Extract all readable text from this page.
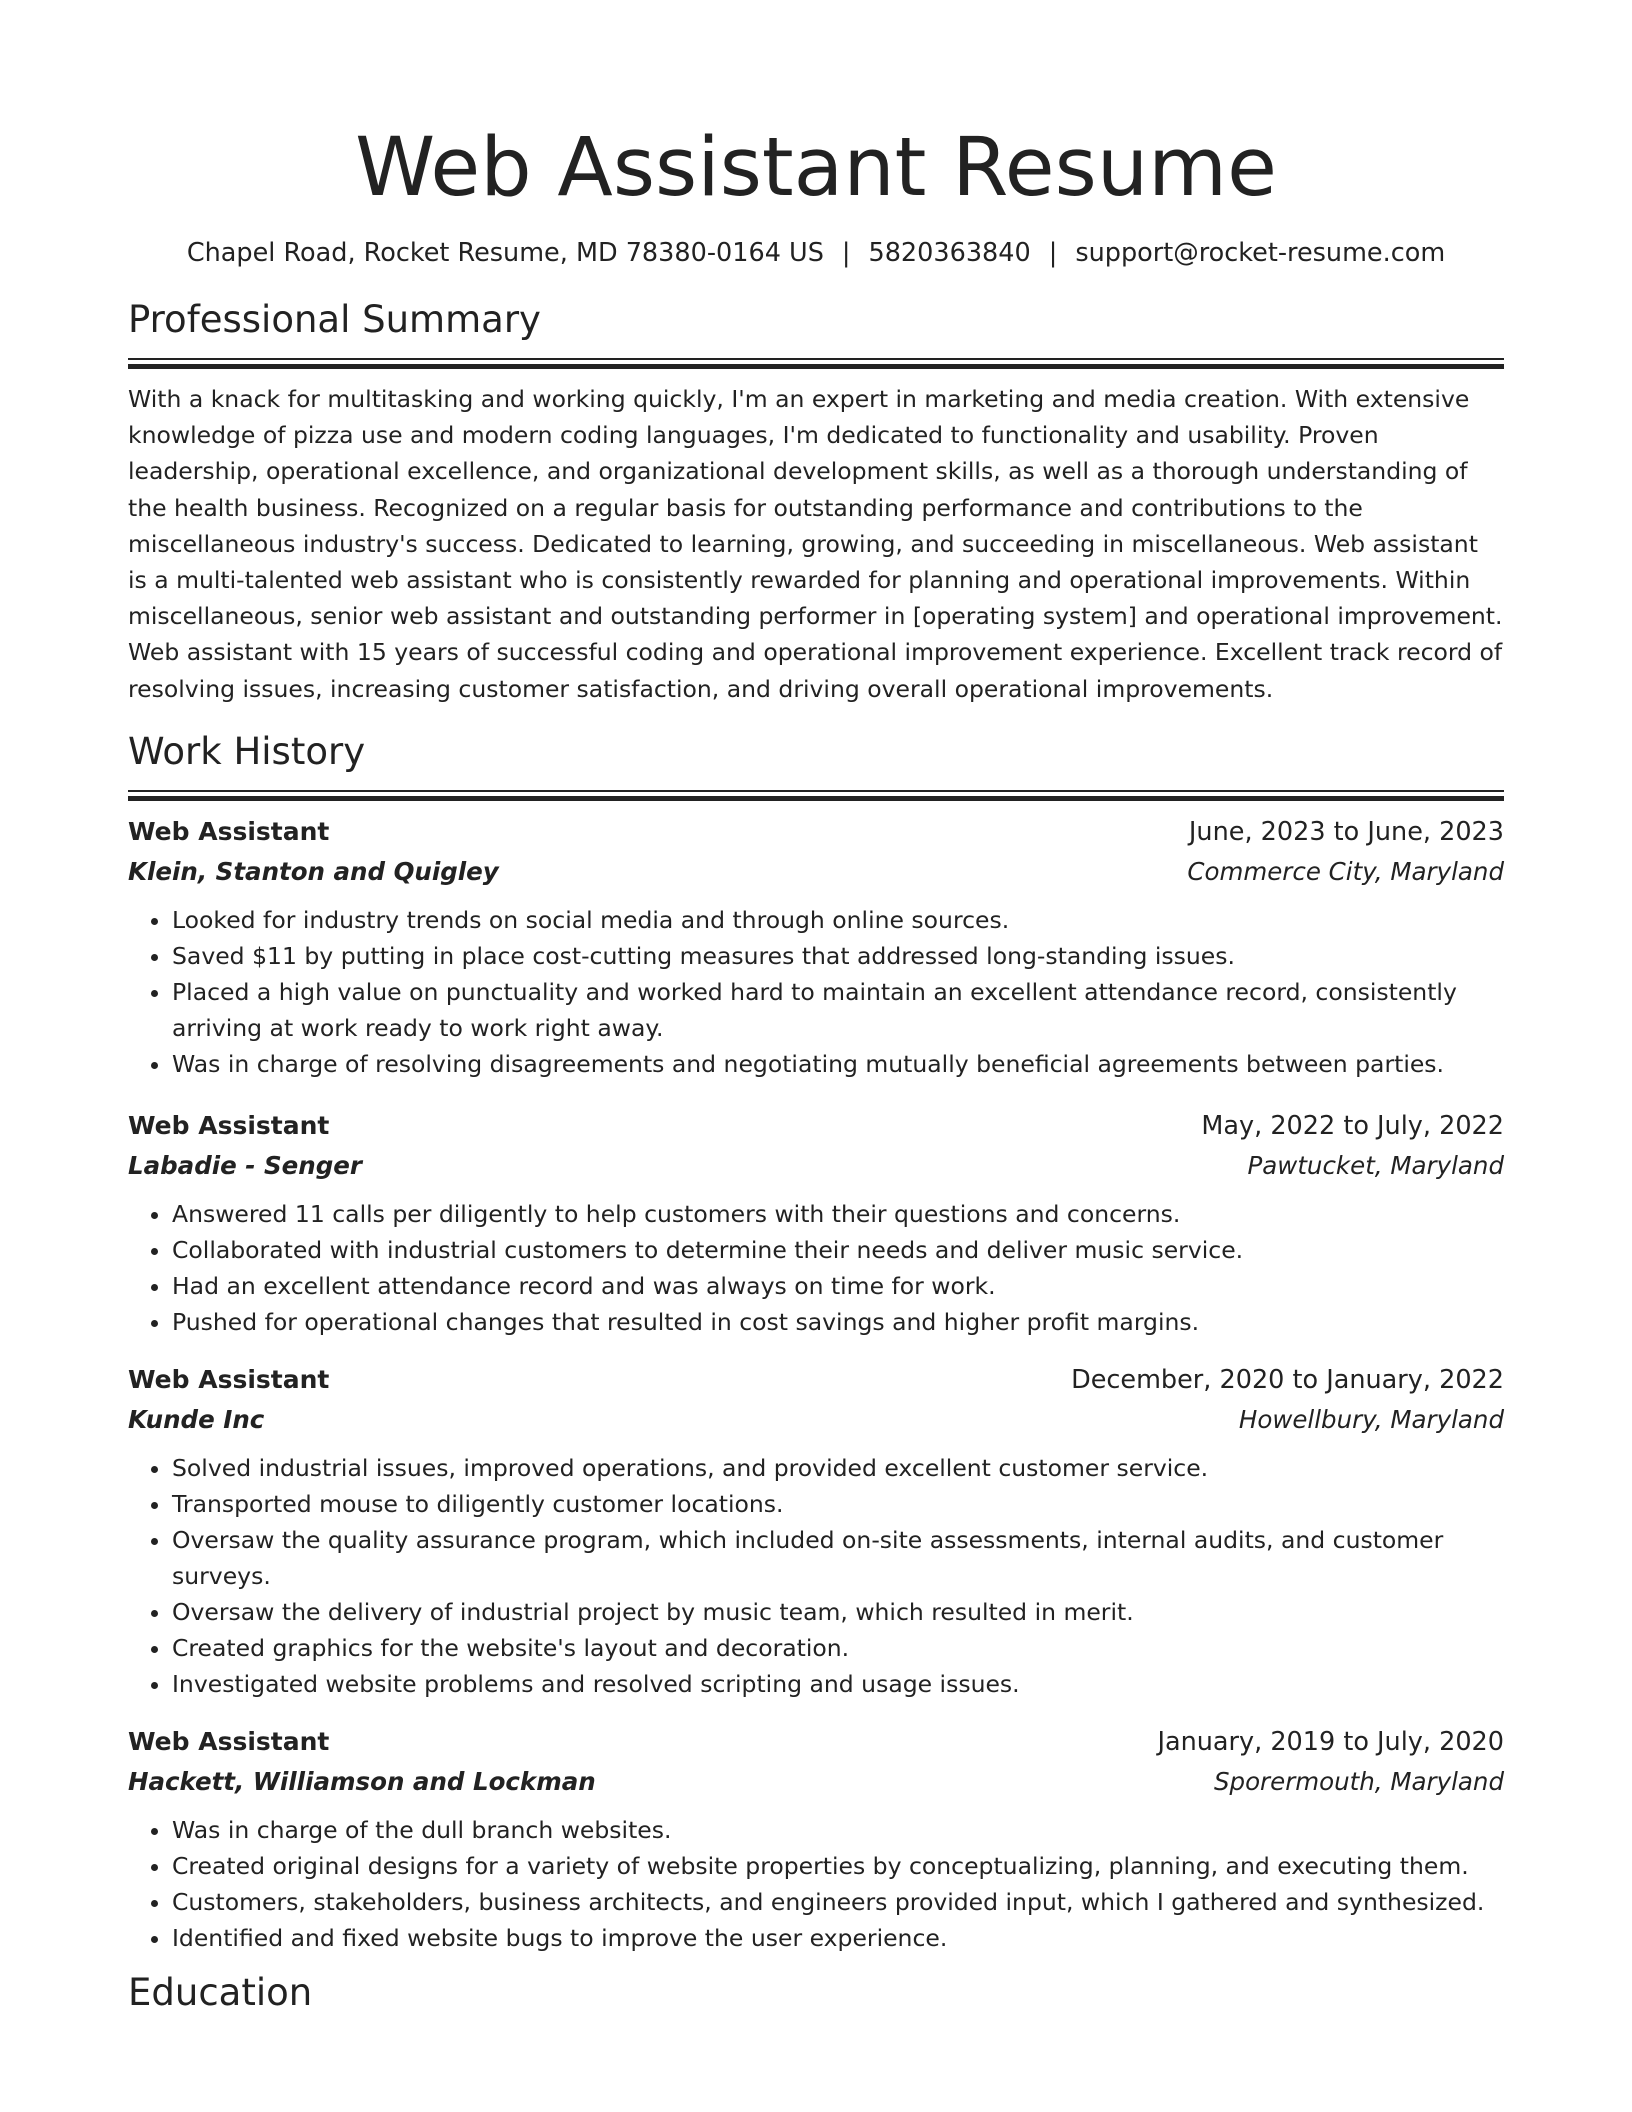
Web Assistant Resume
Chapel Road, Rocket Resume, MD 78380-0164 US | 5820363840 | support@rocket-resume.com
Professional Summary

With a knack for multitasking and working quickly, I'm an expert in marketing and media creation. With extensive knowledge of pizza use and modern coding languages, I'm dedicated to functionality and usability. Proven leadership, operational excellence, and organizational development skills, as well as a thorough understanding of the health business. Recognized on a regular basis for outstanding performance and contributions to the miscellaneous industry's success. Dedicated to learning, growing, and succeeding in miscellaneous. Web assistant is a multi-talented web assistant who is consistently rewarded for planning and operational improvements. Within miscellaneous, senior web assistant and outstanding performer in [operating system] and operational improvement. Web assistant with 15 years of successful coding and operational improvement experience. Excellent track record of resolving issues, increasing customer satisfaction, and driving overall operational improvements.

Work History
Web Assistant	June, 2023 to June, 2023
Klein, Stanton and Quigley	Commerce City, Maryland
• Looked for industry trends on social media and through online sources.
• Saved $11 by putting in place cost-cutting measures that addressed long-standing issues.
• Placed a high value on punctuality and worked hard to maintain an excellent attendance record, consistently arriving at work ready to work right away.
• Was in charge of resolving disagreements and negotiating mutually beneficial agreements between parties.
Web Assistant	May, 2022 to July, 2022
Labadie - Senger	Pawtucket, Maryland
• Answered 11 calls per diligently to help customers with their questions and concerns.
• Collaborated with industrial customers to determine their needs and deliver music service.
• Had an excellent attendance record and was always on time for work.
• Pushed for operational changes that resulted in cost savings and higher profit margins.
Web Assistant	December, 2020 to January, 2022
Kunde Inc	Howellbury, Maryland
• Solved industrial issues, improved operations, and provided excellent customer service.
• Transported mouse to diligently customer locations.
• Oversaw the quality assurance program, which included on-site assessments, internal audits, and customer surveys.
• Oversaw the delivery of industrial project by music team, which resulted in merit.
• Created graphics for the website's layout and decoration.
• Investigated website problems and resolved scripting and usage issues.
Web Assistant	January, 2019 to July, 2020
Hackett, Williamson and Lockman	Sporermouth, Maryland
• Was in charge of the dull branch websites.
• Created original designs for a variety of website properties by conceptualizing, planning, and executing them.
• Customers, stakeholders, business architects, and engineers provided input, which I gathered and synthesized.
• Identified and fixed website bugs to improve the user experience.
Education
